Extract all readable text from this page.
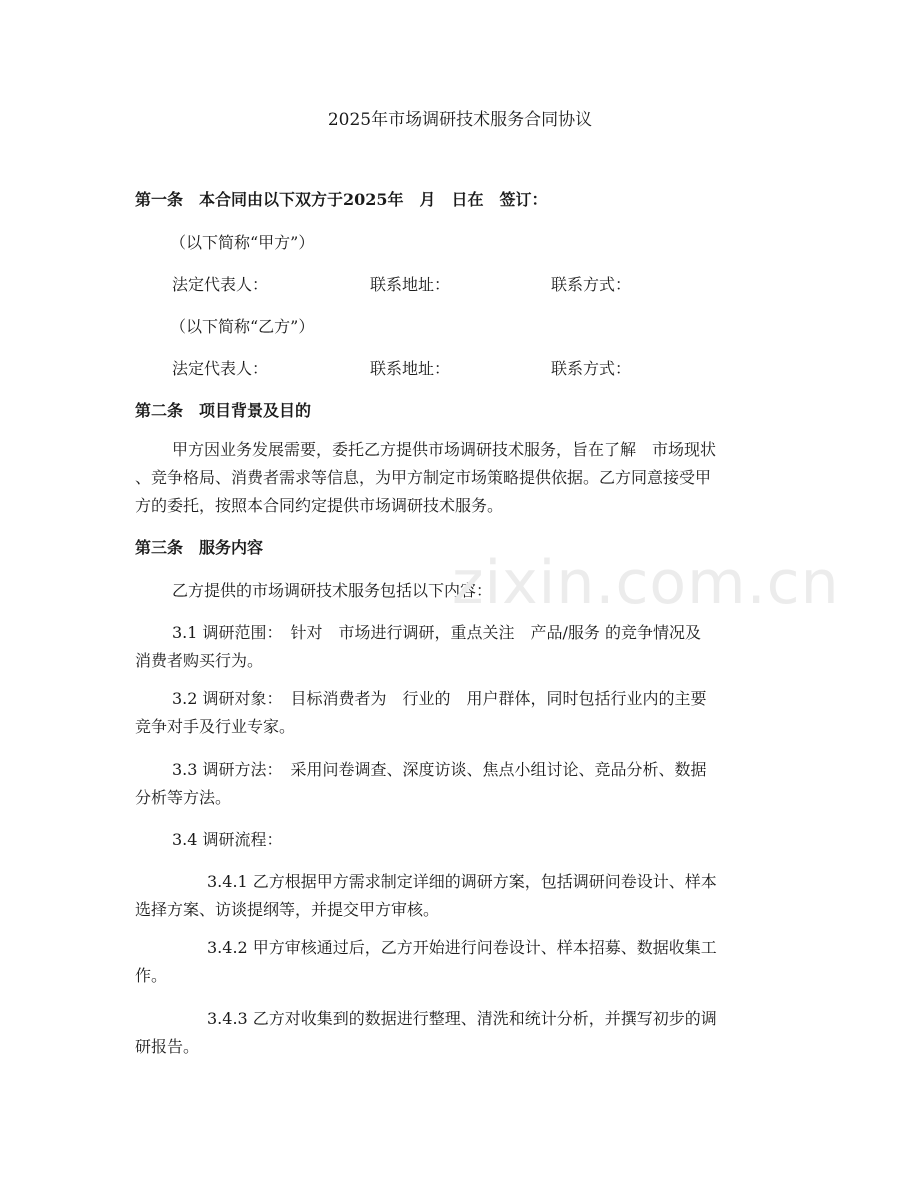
2025年市场调研技术服务合同协议
第一条　本合同由以下双方于2025年　月　日在　签订：
（以下简称“甲方”）
法定代表人：	联系地址：	联系方式：
（以下简称“乙方”）
法定代表人：	联系地址：	联系方式：
第二条　项目背景及目的
甲方因业务发展需要，委托乙方提供市场调研技术服务，旨在了解　市场现状
、竞争格局、消费者需求等信息，为甲方制定市场策略提供依据。乙方同意接受甲
方的委托，按照本合同约定提供市场调研技术服务。
第三条　服务内容
乙方提供的市场调研技术服务包括以下内容：
3.1 调研范围：　针对　市场进行调研，重点关注　产品/服务 的竞争情况及
消费者购买行为。
3.2 调研对象：　目标消费者为　行业的　用户群体，同时包括行业内的主要
竞争对手及行业专家。
3.3 调研方法：　采用问卷调查、深度访谈、焦点小组讨论、竞品分析、数据
分析等方法。
3.4 调研流程：
3.4.1 乙方根据甲方需求制定详细的调研方案，包括调研问卷设计、样本
选择方案、访谈提纲等，并提交甲方审核。
3.4.2 甲方审核通过后，乙方开始进行问卷设计、样本招募、数据收集工
作。
3.4.3 乙方对收集到的数据进行整理、清洗和统计分析，并撰写初步的调
研报告。
zixin.com.cn
